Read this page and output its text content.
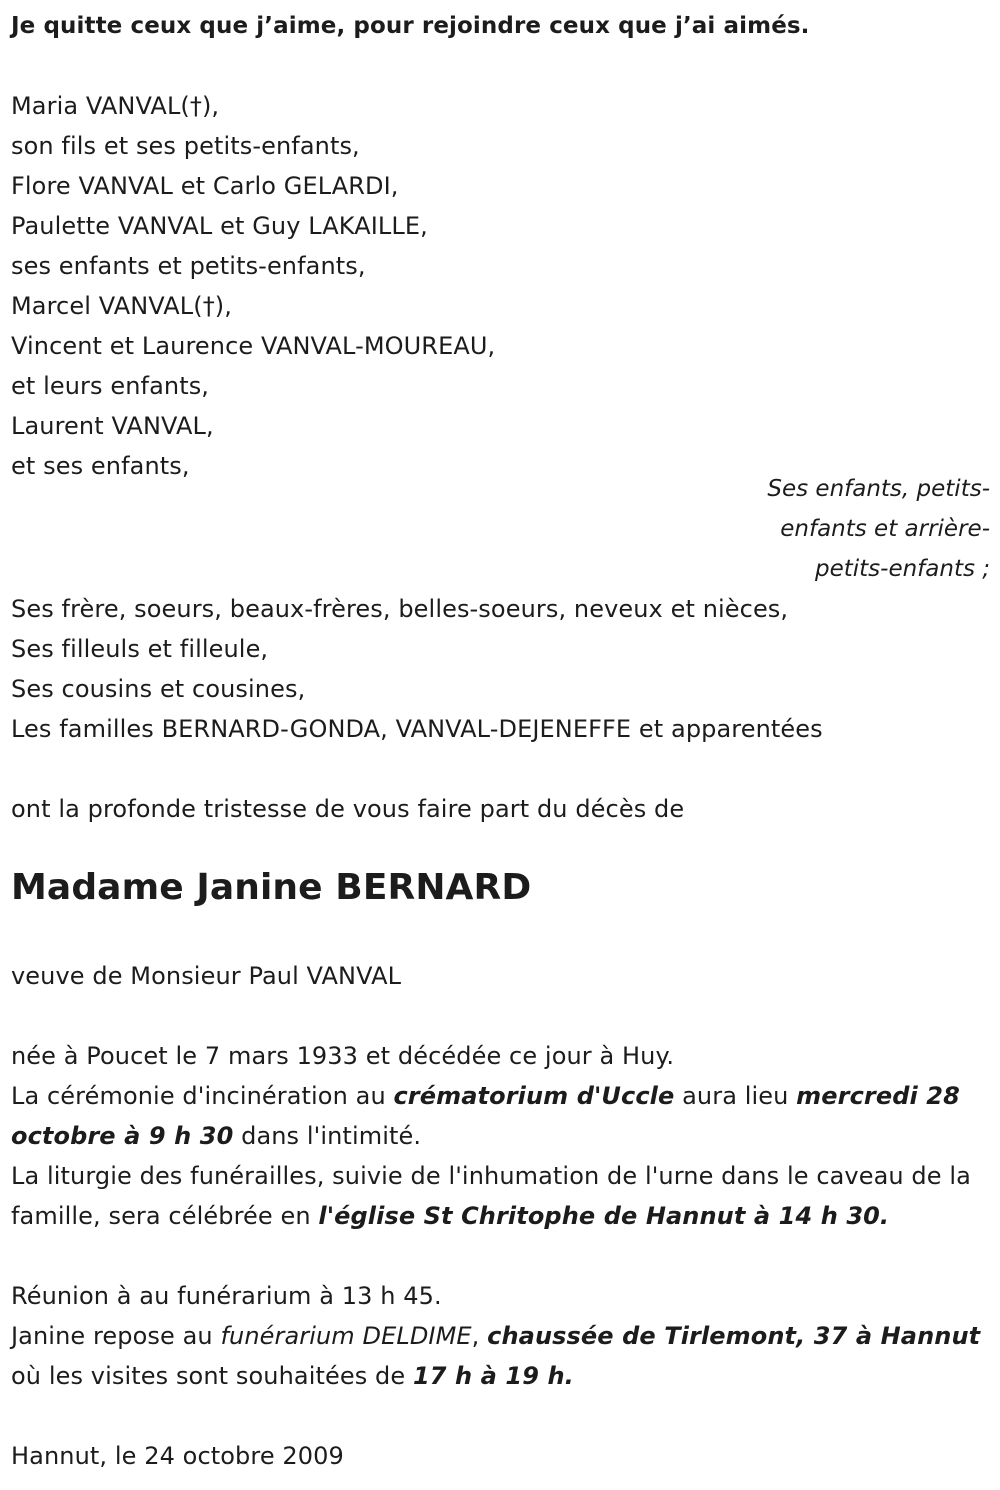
Je quitte ceux que j’aime, pour rejoindre ceux que j’ai aimés.
Maria VANVAL(†),
son fils et ses petits-enfants,
Flore VANVAL et Carlo GELARDI,
Paulette VANVAL et Guy LAKAILLE,
ses enfants et petits-enfants,
Marcel VANVAL(†),
Vincent et Laurence VANVAL-MOUREAU,
et leurs enfants,
Laurent VANVAL,
et ses enfants,
Ses enfants, petits-
enfants et arrière-
petits-enfants ;
Ses frère, soeurs, beaux-frères, belles-soeurs, neveux et nièces,
Ses filleuls et filleule,
Ses cousins et cousines,
Les familles BERNARD-GONDA, VANVAL-DEJENEFFE et apparentées
ont la profonde tristesse de vous faire part du décès de
Madame Janine BERNARD
veuve de Monsieur Paul VANVAL
née à Poucet le 7 mars 1933 et décédée ce jour à Huy.
La cérémonie d'incinération au crématorium d'Uccle aura lieu mercredi 28 octobre à 9 h 30 dans l'intimité.
La liturgie des funérailles, suivie de l'inhumation de l'urne dans le caveau de la famille, sera célébrée en l'église St Chritophe de Hannut à 14 h 30.
Réunion à au funérarium à 13 h 45.
Janine repose au funérarium DELDIME, chaussée de Tirlemont, 37 à Hannut où les visites sont souhaitées de 17 h à 19 h.
Hannut, le 24 octobre 2009
